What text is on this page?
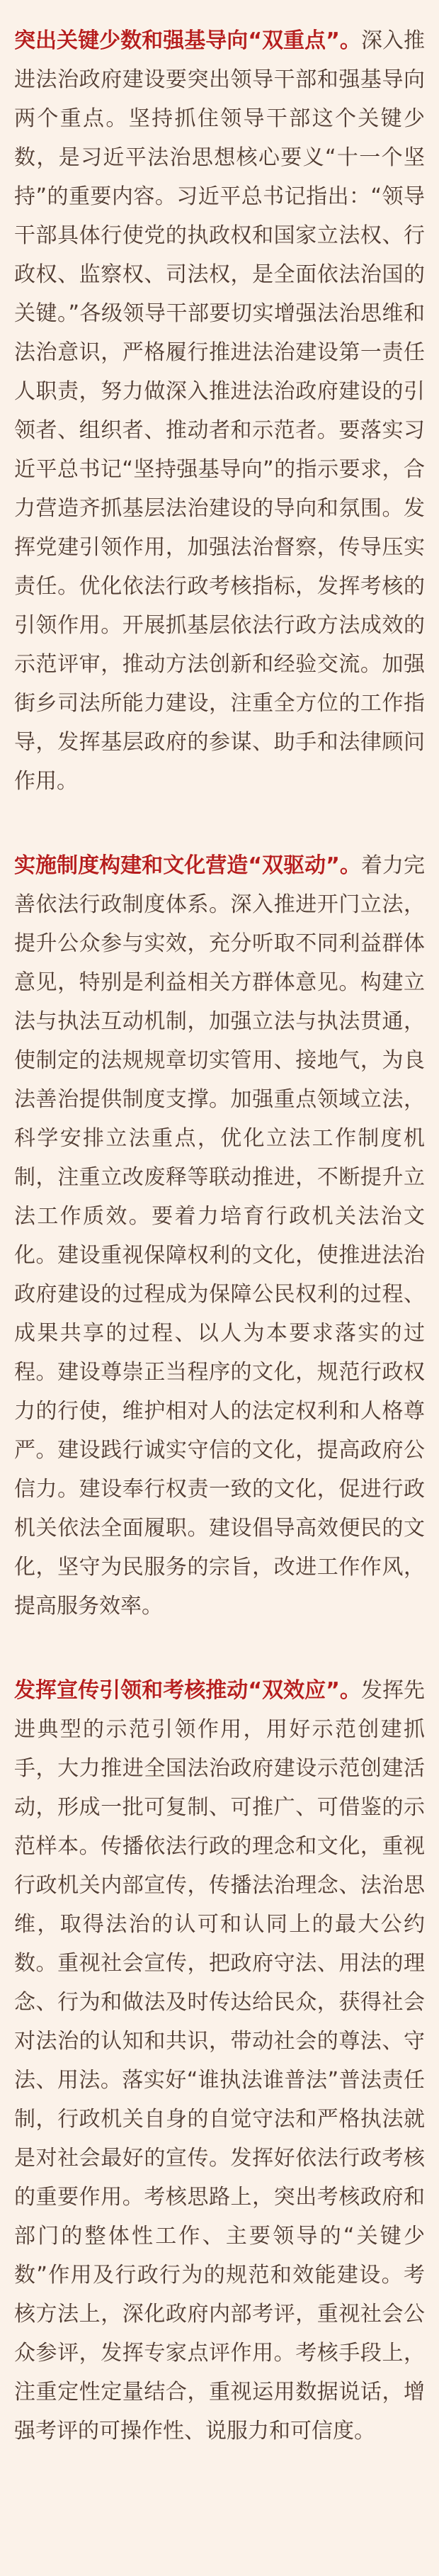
突出关键少数和强基导向“双重点”。深入推进法治政府建设要突出领导干部和强基导向两个重点。坚持抓住领导干部这个关键少数，是习近平法治思想核心要义“十一个坚持”的重要内容。习近平总书记指出：“领导干部具体行使党的执政权和国家立法权、行政权、监察权、司法权，是全面依法治国的关键。”各级领导干部要切实增强法治思维和法治意识，严格履行推进法治建设第一责任人职责，努力做深入推进法治政府建设的引领者、组织者、推动者和示范者。要落实习近平总书记“坚持强基导向”的指示要求，合力营造齐抓基层法治建设的导向和氛围。发挥党建引领作用，加强法治督察，传导压实责任。优化依法行政考核指标，发挥考核的引领作用。开展抓基层依法行政方法成效的示范评审，推动方法创新和经验交流。加强街乡司法所能力建设，注重全方位的工作指导，发挥基层政府的参谋、助手和法律顾问作用。

实施制度构建和文化营造“双驱动”。着力完善依法行政制度体系。深入推进开门立法，提升公众参与实效，充分听取不同利益群体意见，特别是利益相关方群体意见。构建立法与执法互动机制，加强立法与执法贯通，使制定的法规规章切实管用、接地气，为良法善治提供制度支撑。加强重点领域立法，科学安排立法重点，优化立法工作制度机制，注重立改废释等联动推进，不断提升立法工作质效。要着力培育行政机关法治文化。建设重视保障权利的文化，使推进法治政府建设的过程成为保障公民权利的过程、成果共享的过程、以人为本要求落实的过程。建设尊崇正当程序的文化，规范行政权力的行使，维护相对人的法定权利和人格尊严。建设践行诚实守信的文化，提高政府公信力。建设奉行权责一致的文化，促进行政机关依法全面履职。建设倡导高效便民的文化，坚守为民服务的宗旨，改进工作作风，提高服务效率。

发挥宣传引领和考核推动“双效应”。发挥先进典型的示范引领作用，用好示范创建抓手，大力推进全国法治政府建设示范创建活动，形成一批可复制、可推广、可借鉴的示范样本。传播依法行政的理念和文化，重视行政机关内部宣传，传播法治理念、法治思维，取得法治的认可和认同上的最大公约数。重视社会宣传，把政府守法、用法的理念、行为和做法及时传达给民众，获得社会对法治的认知和共识，带动社会的尊法、守法、用法。落实好“谁执法谁普法”普法责任制，行政机关自身的自觉守法和严格执法就是对社会最好的宣传。发挥好依法行政考核的重要作用。考核思路上，突出考核政府和部门的整体性工作、主要领导的“关键少数”作用及行政行为的规范和效能建设。考核方法上，深化政府内部考评，重视社会公众参评，发挥专家点评作用。考核手段上，注重定性定量结合，重视运用数据说话，增强考评的可操作性、说服力和可信度。
